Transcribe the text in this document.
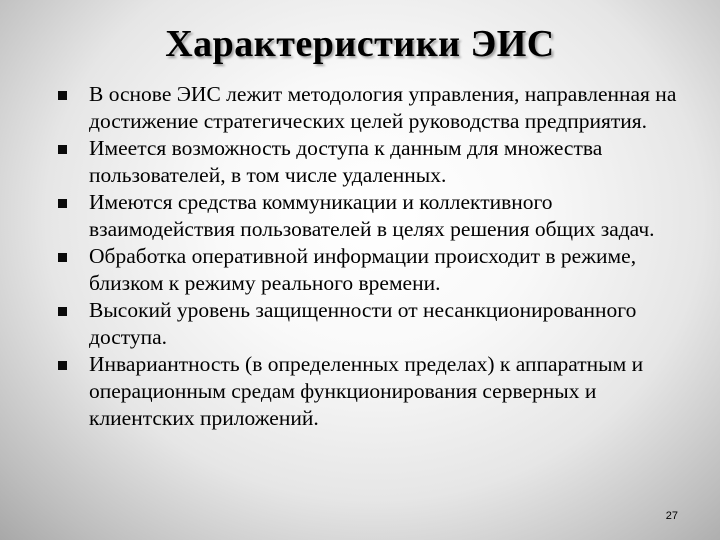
Характеристики ЭИС
В основе ЭИС лежит методология управления, направленная на достижение стратегических целей руководства предприятия.
Имеется возможность доступа к данным для множества пользователей, в том числе удаленных.
Имеются средства коммуникации и коллективного взаимодействия пользователей в целях решения общих задач.
Обработка оперативной информации происходит в режиме, близком к режиму реального времени.
Высокий уровень защищенности от несанкционированного доступа.
Инвариантность (в определенных пределах) к аппаратным и операционным средам функционирования серверных и клиентских приложений.
27
